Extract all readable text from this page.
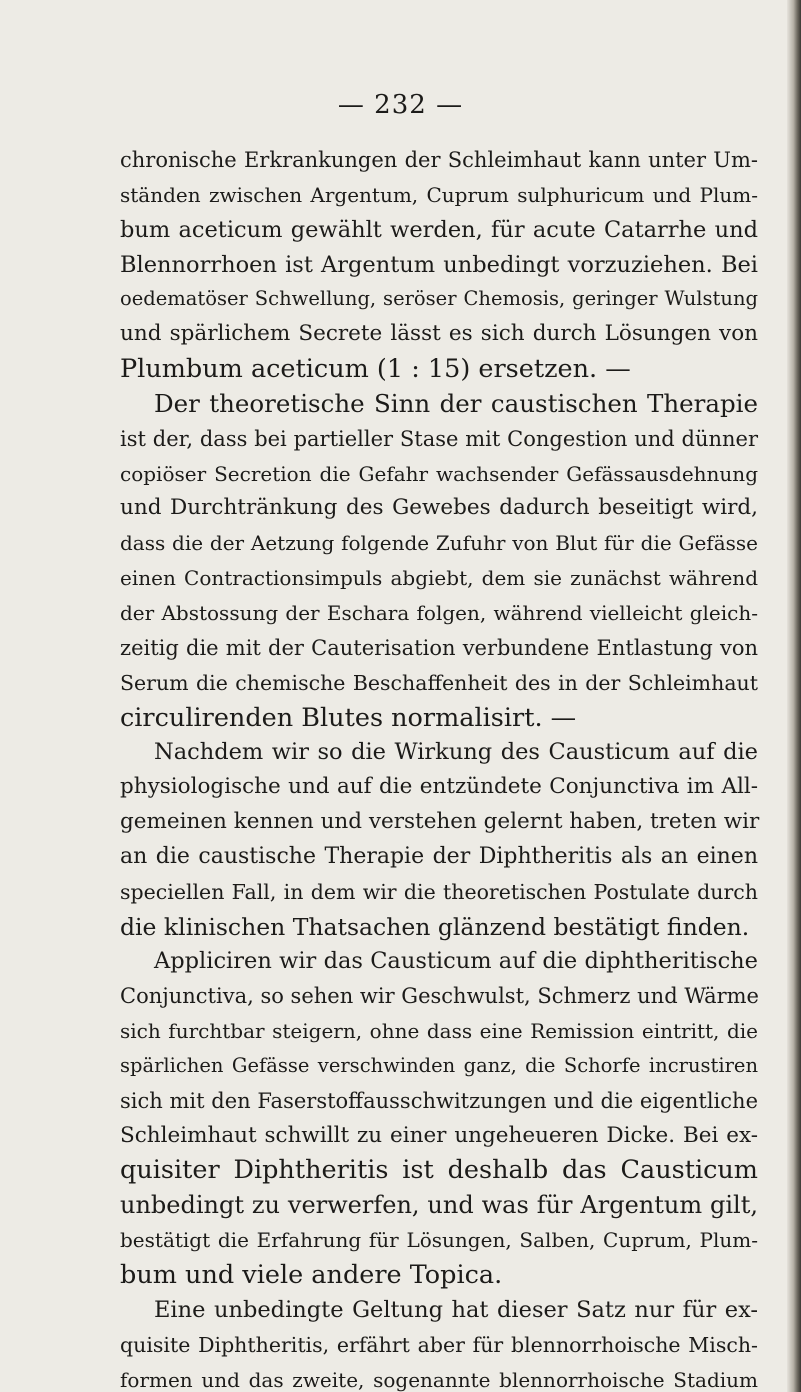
— 232 —
chronische Erkrankungen der Schleimhaut kann unter Um-
ständen zwischen Argentum, Cuprum sulphuricum und Plum-
bum aceticum gewählt werden, für acute Catarrhe und
Blennorrhoen ist Argentum unbedingt vorzuziehen. Bei
oedematöser Schwellung, seröser Chemosis, geringer Wulstung
und spärlichem Secrete lässt es sich durch Lösungen von
Plumbum aceticum (1 : 15) ersetzen. —
Der theoretische Sinn der caustischen Therapie
ist der, dass bei partieller Stase mit Congestion und dünner
copiöser Secretion die Gefahr wachsender Gefässausdehnung
und Durchtränkung des Gewebes dadurch beseitigt wird,
dass die der Aetzung folgende Zufuhr von Blut für die Gefässe
einen Contractionsimpuls abgiebt, dem sie zunächst während
der Abstossung der Eschara folgen, während vielleicht gleich-
zeitig die mit der Cauterisation verbundene Entlastung von
Serum die chemische Beschaffenheit des in der Schleimhaut
circulirenden Blutes normalisirt. —
Nachdem wir so die Wirkung des Causticum auf die
physiologische und auf die entzündete Conjunctiva im All-
gemeinen kennen und verstehen gelernt haben, treten wir
an die caustische Therapie der Diphtheritis als an einen
speciellen Fall, in dem wir die theoretischen Postulate durch
die klinischen Thatsachen glänzend bestätigt finden.
Appliciren wir das Causticum auf die diphtheritische
Conjunctiva, so sehen wir Geschwulst, Schmerz und Wärme
sich furchtbar steigern, ohne dass eine Remission eintritt, die
spärlichen Gefässe verschwinden ganz, die Schorfe incrustiren
sich mit den Faserstoffausschwitzungen und die eigentliche
Schleimhaut schwillt zu einer ungeheueren Dicke. Bei ex-
quisiter Diphtheritis ist deshalb das Causticum
unbedingt zu verwerfen, und was für Argentum gilt,
bestätigt die Erfahrung für Lösungen, Salben, Cuprum, Plum-
bum und viele andere Topica.
Eine unbedingte Geltung hat dieser Satz nur für ex-
quisite Diphtheritis, erfährt aber für blennorrhoische Misch-
formen und das zweite, sogenannte blennorrhoische Stadium
